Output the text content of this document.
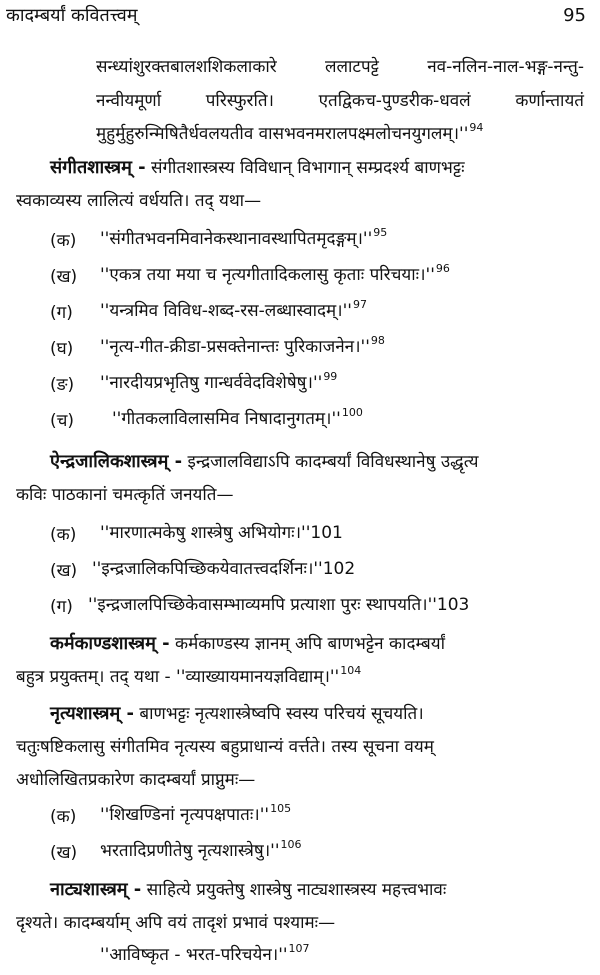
कादम्बर्यां कवितत्त्वम्	95
सन्ध्यांशुरक्तबालशशिकलाकारे ललाटपट्टे नव-नलिन-नाल-भङ्ग-नन्तु-
नन्वीयमूर्णा परिस्फुरति। एतद्विकच-पुण्डरीक-धवलं कर्णान्तायतं
मुहुर्मुहुरुन्मिषितैर्धवलयतीव $वासभवनमरालपक्ष्मलोचनयुगलम्।''^{94}$
संगीतशास्त्रम् - संगीतशास्त्रस्य विविधान् विभागान् सम्प्रदर्श्य बाणभट्टः
स्वकाव्यस्य लालित्यं वर्धयति। तद् यथा—
(क) ''$संगीतभवनमिवानेकस्थानावस्थापितमृदङ्गम्।''^{95}$
(ख) ''एकत्र तया मया च नृत्यगीतादिकलासु कृताः $परिचयाः।''^{96}$
(ग) ''यन्त्रमिव $विविध-शब्द-रस-लब्धास्वादम्।''^{97}$
(घ) ''नृत्य-गीत-क्रीडा-प्रसक्तेनान्तः $पुरिकाजनेन।''^{98}$
(ङ) ''नारदीयप्रभृतिषु $गान्धर्ववेदविशेषेषु।''^{99}$
(च) ''गीतकलाविलासमिव $निषादानुगतम्।''^{100}$
ऐन्द्रजालिकशास्त्रम् - इन्द्रजालविद्याऽपि कादम्बर्यां विविधस्थानेषु उद्धृत्य
कविः पाठकानां चमत्कृतिं जनयति—
(क) ''मारणात्मकेषु शास्त्रेषु अभियोगः।''101
(ख) ''इन्द्रजालिकपिच्छिकयेवातत्त्वदर्शिनः।''102
(ग) ''इन्द्रजालपिच्छिकेवासम्भाव्यमपि प्रत्याशा पुरः स्थापयति।''103
कर्मकाण्डशास्त्रम् - कर्मकाण्डस्य ज्ञानम् अपि बाणभट्टेन कादम्बर्यां
बहुत्र प्रयुक्तम्। तद् यथा - ''$व्याख्यायमानयज्ञविद्याम्।''^{104}$
नृत्यशास्त्रम् - बाणभट्टः नृत्यशास्त्रेष्वपि स्वस्य परिचयं सूचयति।
चतुःषष्टिकलासु संगीतमिव नृत्यस्य बहुप्राधान्यं वर्त्तते। तस्य सूचना वयम्
अधोलिखितप्रकारेण कादम्बर्यां प्राप्नुमः—
(क) ''शिखण्डिनां $नृत्यपक्षपातः।''^{105}$
(ख) भरतादिप्रणीतेषु $नृत्यशास्त्रेषु।''^{106}$
नाट्यशास्त्रम् - साहित्ये प्रयुक्तेषु शास्त्रेषु नाट्यशास्त्रस्य महत्त्वभावः
दृश्यते। कादम्बर्याम् अपि वयं तादृशं प्रभावं पश्यामः—
''आविष्कृत - भरत-$परिचयेन।''^{107}$
